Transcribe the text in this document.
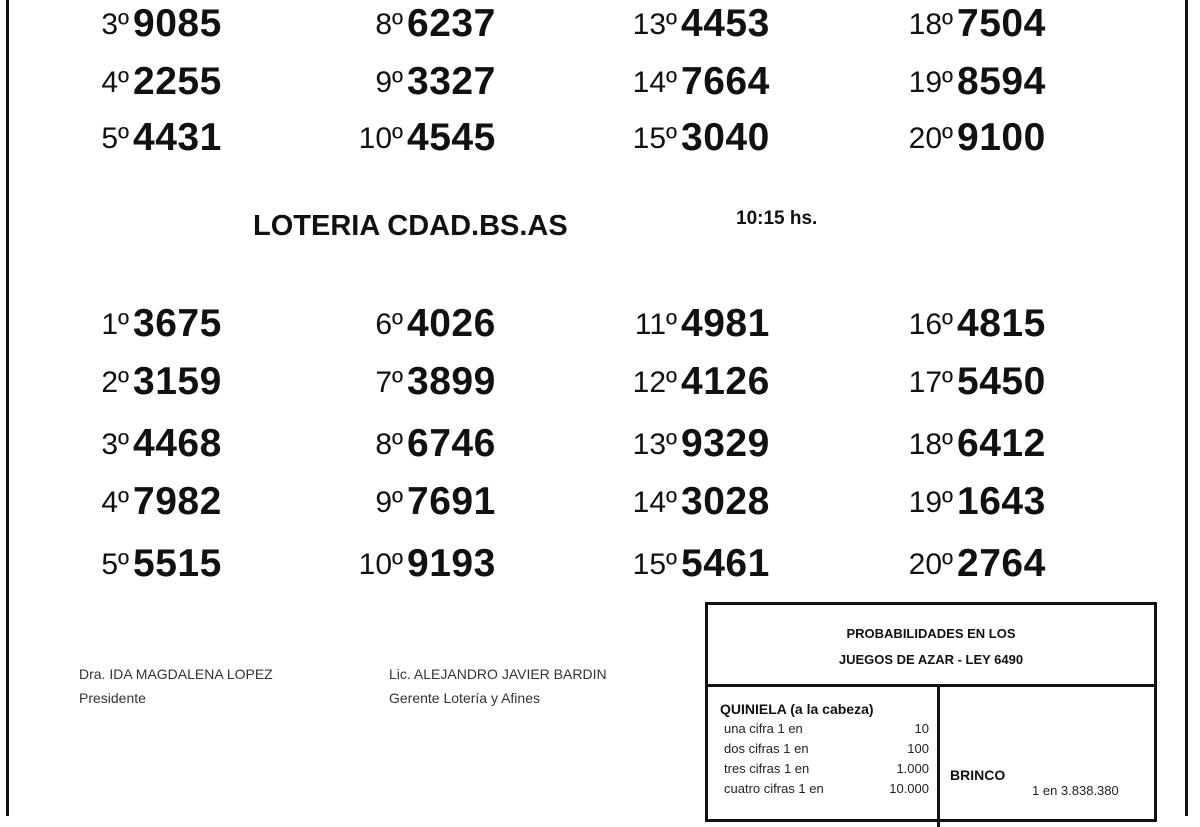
3º 9085	8º 6237	13º 4453	18º 7504
4º 2255	9º 3327	14º 7664	19º 8594
5º 4431	10º 4545	15º 3040	20º 9100
LOTERIA CDAD.BS.AS	10:15 hs.
1º 3675	6º 4026	11º 4981	16º 4815
2º 3159	7º 3899	12º 4126	17º 5450
3º 4468	8º 6746	13º 9329	18º 6412
4º 7982	9º 7691	14º 3028	19º 1643
5º 5515	10º 9193	15º 5461	20º 2764
Dra. IDA MAGDALENA LOPEZ
Presidente
Lic. ALEJANDRO JAVIER BARDIN
Gerente Lotería y Afines
PROBABILIDADES EN LOS
JUEGOS DE AZAR - LEY 6490
QUINIELA (a la cabeza)
una cifra 1 en	10
dos cifras 1 en	100
tres cifras 1 en	1.000
cuatro cifras 1 en	10.000
BRINCO
1 en 3.838.380
